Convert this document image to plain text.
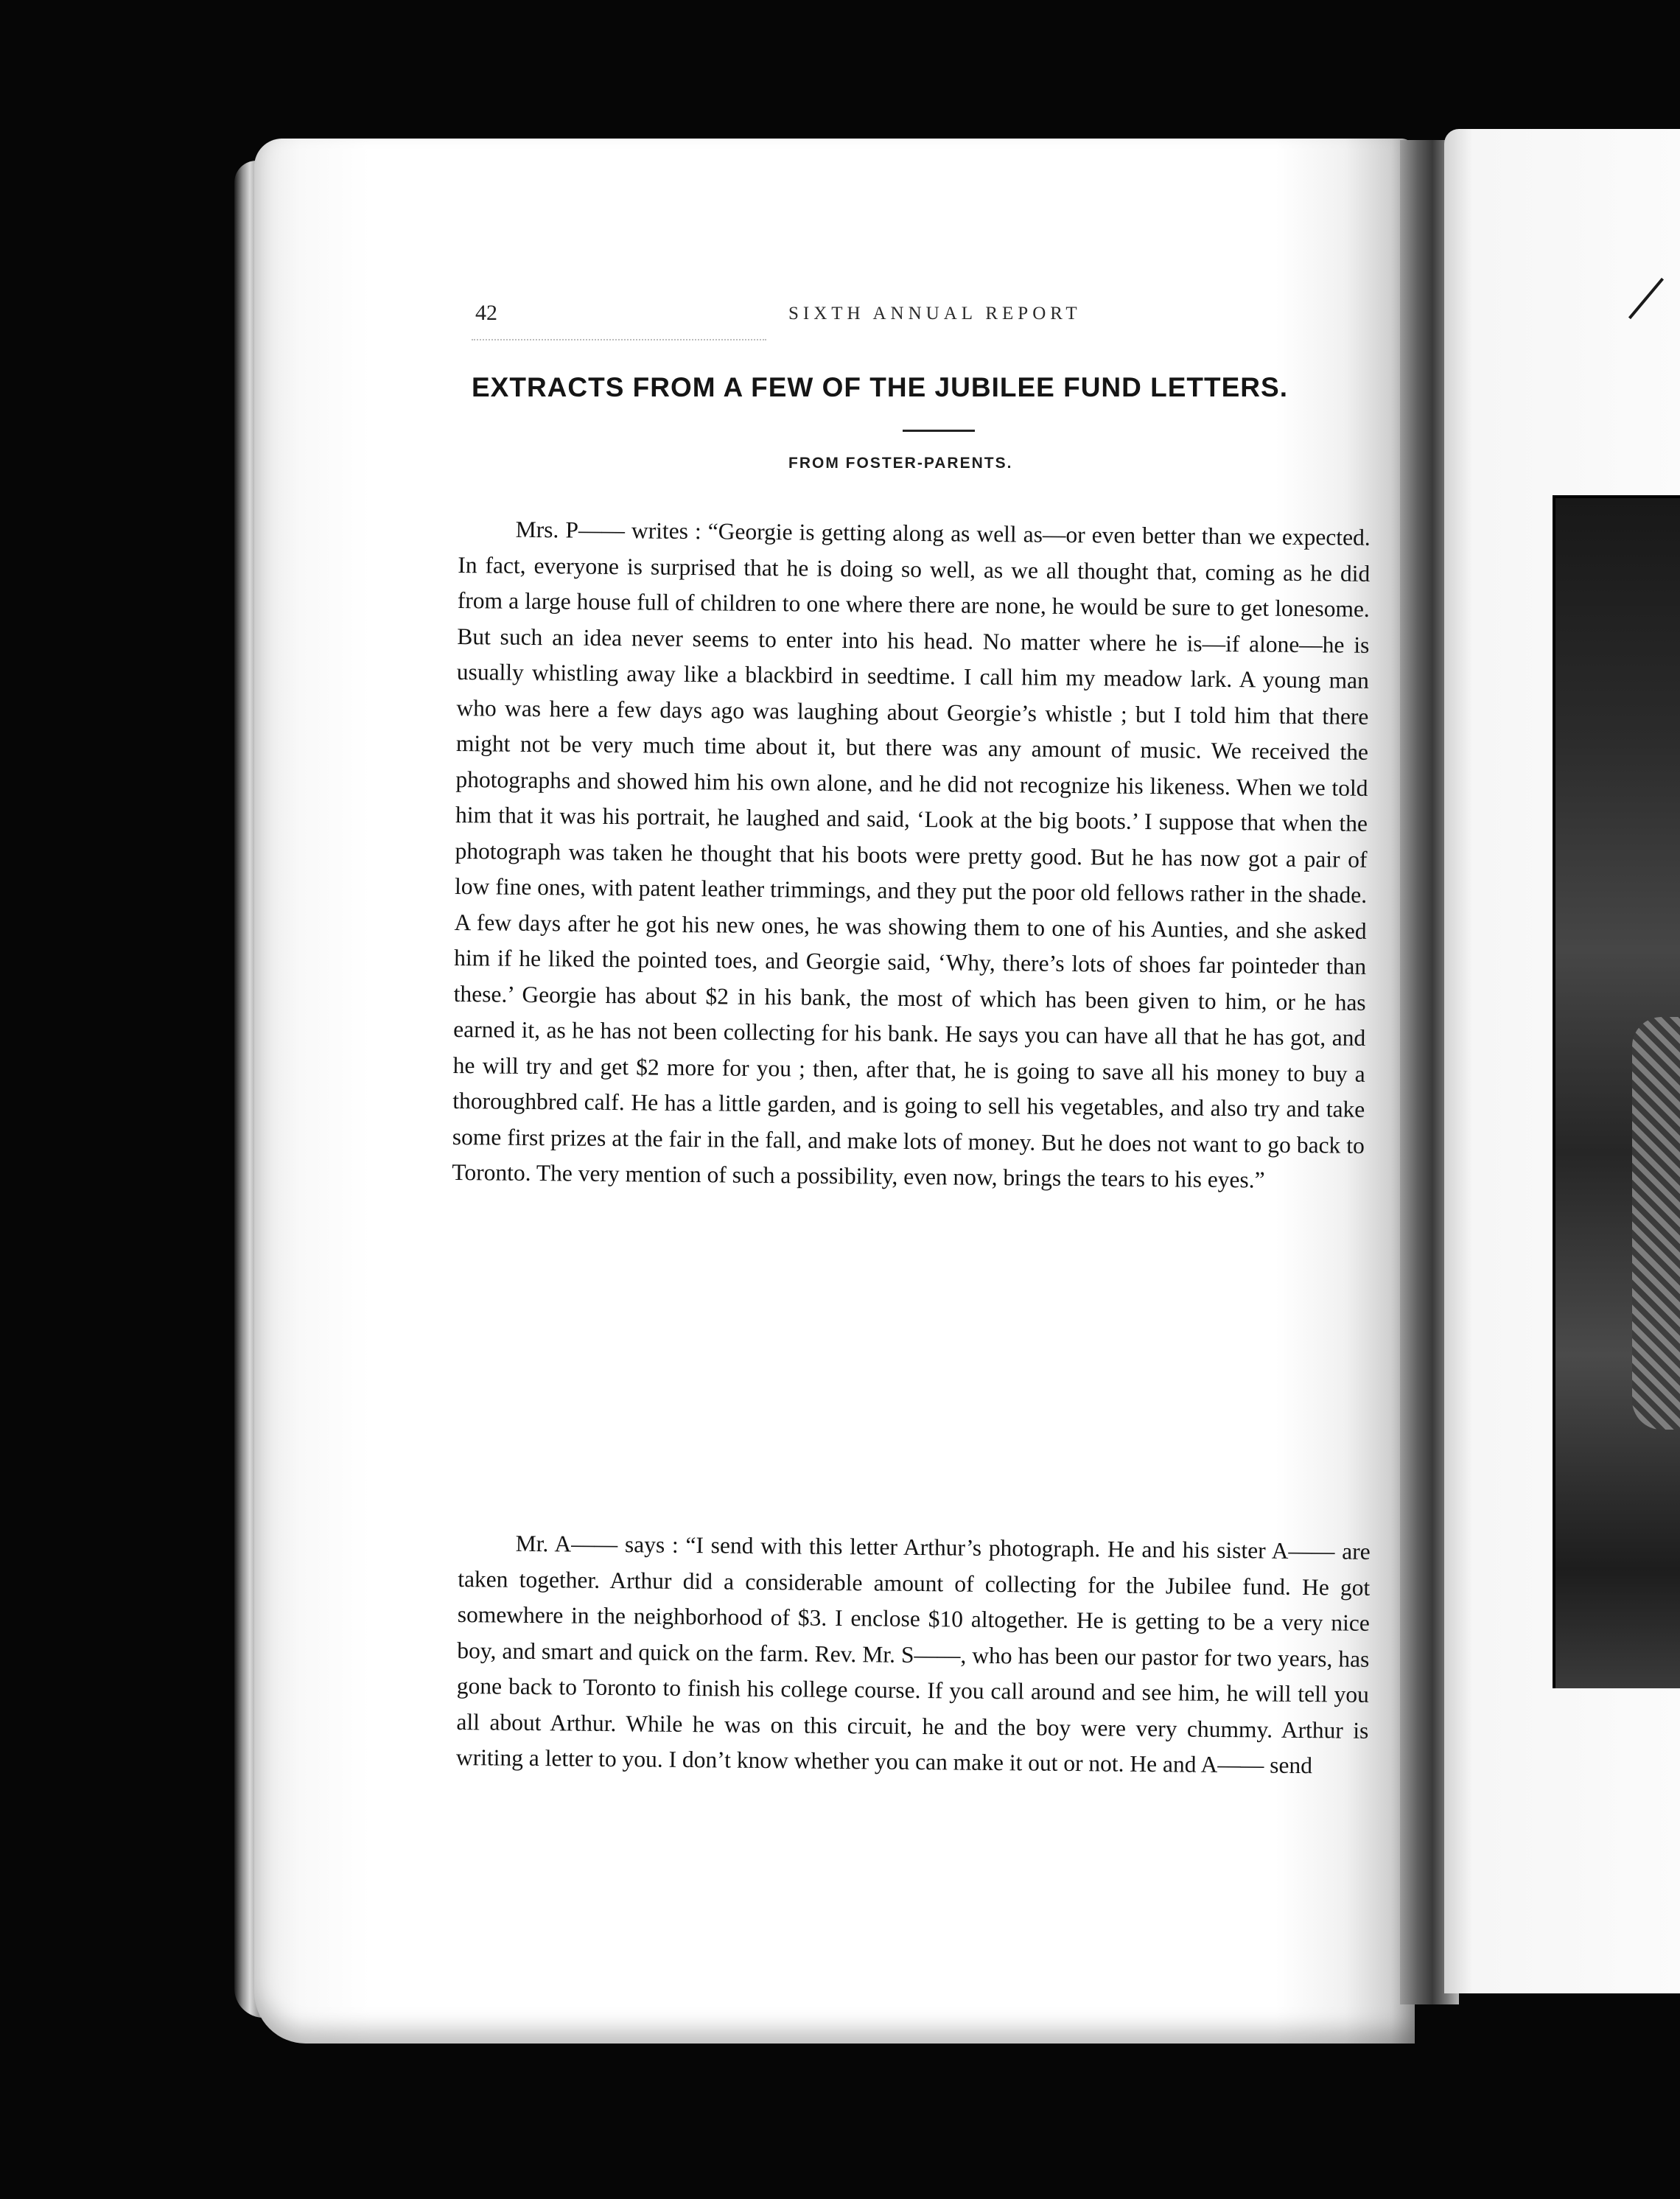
42	SIXTH ANNUAL REPORT
EXTRACTS FROM A FEW OF THE JUBILEE FUND LETTERS.
FROM FOSTER-PARENTS.

Mrs. P—— writes : “Georgie is getting along as well as—or even better than we expected. In fact, everyone is surprised that he is doing so well, as we all thought that, coming as he did from a large house full of children to one where there are none, he would be sure to get lonesome. But such an idea never seems to enter into his head. No matter where he is—if alone—he is usually whistling away like a blackbird in seedtime. I call him my meadow lark. A young man who was here a few days ago was laughing about Georgie’s whistle ; but I told him that there might not be very much time about it, but there was any amount of music. We received the photographs and showed him his own alone, and he did not recognize his likeness. When we told him that it was his portrait, he laughed and said, ‘Look at the big boots.’ I suppose that when the photograph was taken he thought that his boots were pretty good. But he has now got a pair of low fine ones, with patent leather trimmings, and they put the poor old fellows rather in the shade. A few days after he got his new ones, he was showing them to one of his Aunties, and she asked him if he liked the pointed toes, and Georgie said, ‘Why, there’s lots of shoes far pointeder than these.’ Georgie has about $2 in his bank, the most of which has been given to him, or he has earned it, as he has not been collecting for his bank. He says you can have all that he has got, and he will try and get $2 more for you ; then, after that, he is going to save all his money to buy a thoroughbred calf. He has a little garden, and is going to sell his vegetables, and also try and take some first prizes at the fair in the fall, and make lots of money. But he does not want to go back to Toronto. The very mention of such a possibility, even now, brings the tears to his eyes.”

Mr. A—— says : “I send with this letter Arthur’s photograph. He and his sister A—— are taken together. Arthur did a considerable amount of collecting for the Jubilee fund. He got somewhere in the neighborhood of $3. I enclose $10 altogether. He is getting to be a very nice boy, and smart and quick on the farm. Rev. Mr. S——, who has been our pastor for two years, has gone back to Toronto to finish his college course. If you call around and see him, he will tell you all about Arthur. While he was on this circuit, he and the boy were very chummy. Arthur is writing a letter to you. I don’t know whether you can make it out or not. He and A—— send
